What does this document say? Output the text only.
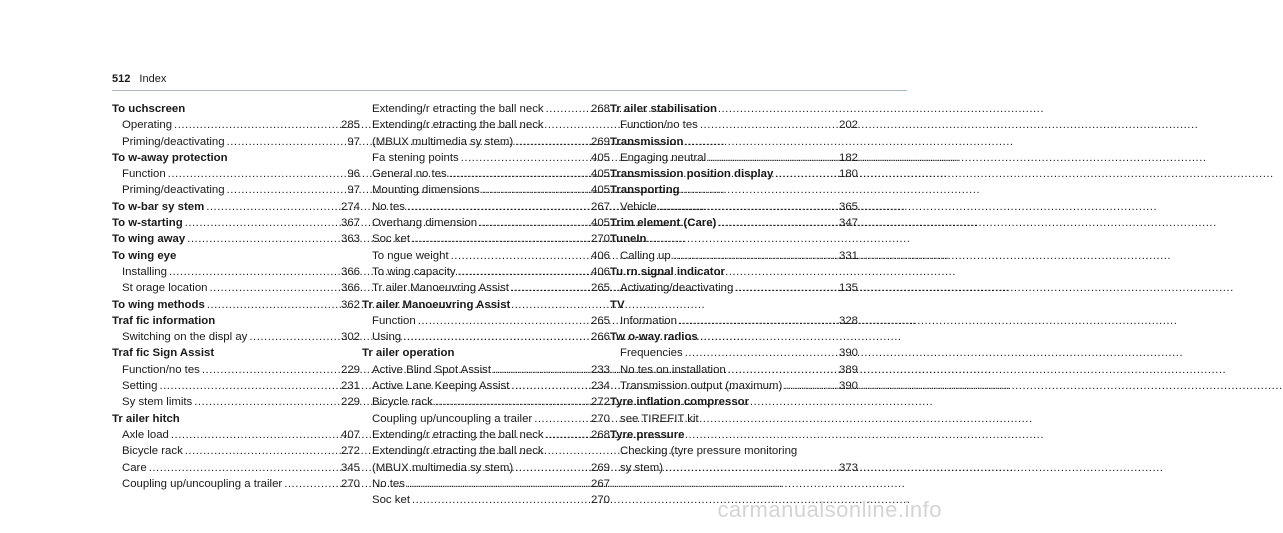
512 Index
To uchscreen
Operating .....	285
Priming/deactivating .....	97
To w-away protection
Function .....	96
Priming/deactivating .....	97
To w-bar sy stem .....	274
To w-starting .....	367
To wing away .....	363
To wing eye
Installing .....	366
St orage location .....	366
To wing methods .....	362
Traf fic information
Switching on the displ ay .....	302
Traf fic Sign Assist
Function/no tes .....	229
Setting .....	231
Sy stem limits .....	229
Tr ailer hitch
Axle load .....	407
Bicycle rack .....	272
Care .....	345
Coupling up/uncoupling a trailer .....	270
Extending/r etracting the ball neck .....	268
Extending/r etracting the ball neck
(MBUX multimedia sy stem) .....	269
Fa stening points .....	405
General no tes .....	405
Mounting dimensions .....	405
No tes .....	267
Overhang dimension .....	405
Soc ket .....	270
To ngue weight .....	406
To wing capacity .....	406
Tr ailer Manoeuvring Assist .....	265
Tr ailer Manoeuvring Assist
Function .....	265
Using .....	266
Tr ailer operation
Active Blind Spot Assist .....	233
Active Lane Keeping Assist .....	234
Bicycle rack .....	272
Coupling up/uncoupling a trailer .....	270
Extending/r etracting the ball neck .....	268
Extending/r etracting the ball neck
(MBUX multimedia sy stem) .....	269
No tes .....	267
Soc ket .....	270
Tr ailer stabilisation
Function/no tes .....	202
Transmission
Engaging neutral .....	182
Transmission position display .....	180
Transporting
Vehicle .....	365
Trim element (Care) .....	347
TuneIn
Calling up .....	331
Tu rn signal indicator
Activating/deactivating .....	135
TV
Information .....	328
Tw o-way radios
Frequencies .....	390
No tes on installation .....	389
Transmission output (maximum) .....	390
Tyre inflation compressor
see TIREFIT kit
Tyre pressure
Checking (tyre pressure monitoring
sy stem) .....	373
carmanualsonline.info
